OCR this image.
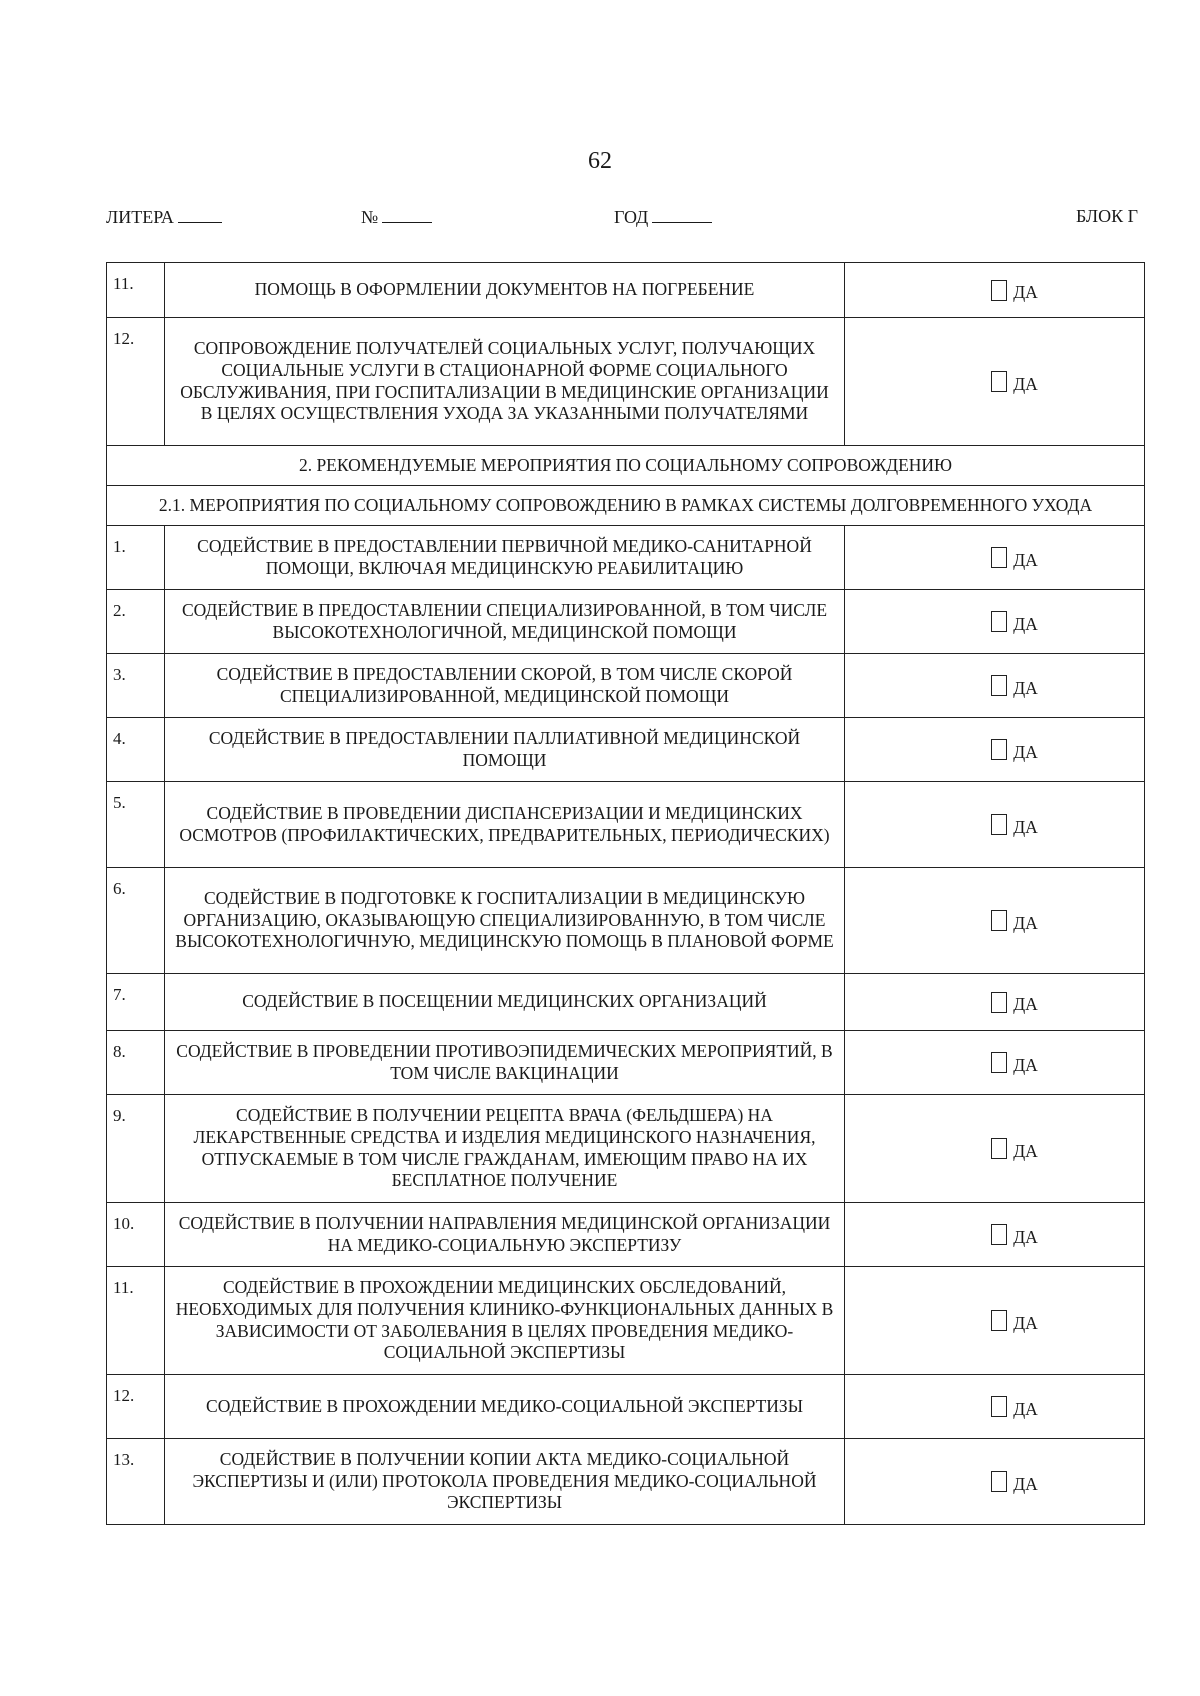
62
ЛИТЕРА	№	ГОД	БЛОК Г
11.	ПОМОЩЬ В ОФОРМЛЕНИИ ДОКУМЕНТОВ НА ПОГРЕБЕНИЕ	ДА

12.	СОПРОВОЖДЕНИЕ ПОЛУЧАТЕЛЕЙ СОЦИАЛЬНЫХ УСЛУГ, ПОЛУЧАЮЩИХ СОЦИАЛЬНЫЕ УСЛУГИ В СТАЦИОНАРНОЙ ФОРМЕ СОЦИАЛЬНОГО ОБСЛУЖИВАНИЯ, ПРИ ГОСПИТАЛИЗАЦИИ В МЕДИЦИНСКИЕ ОРГАНИЗАЦИИ В ЦЕЛЯХ ОСУЩЕСТВЛЕНИЯ УХОДА ЗА УКАЗАННЫМИ ПОЛУЧАТЕЛЯМИ	ДА

2. РЕКОМЕНДУЕМЫЕ МЕРОПРИЯТИЯ ПО СОЦИАЛЬНОМУ СОПРОВОЖДЕНИЮ		
2.1. МЕРОПРИЯТИЯ ПО СОЦИАЛЬНОМУ СОПРОВОЖДЕНИЮ В РАМКАХ СИСТЕМЫ ДОЛГОВРЕМЕННОГО УХОДА		
1.	СОДЕЙСТВИЕ В ПРЕДОСТАВЛЕНИИ ПЕРВИЧНОЙ МЕДИКО-САНИТАРНОЙ ПОМОЩИ, ВКЛЮЧАЯ МЕДИЦИНСКУЮ РЕАБИЛИТАЦИЮ	ДА

2.	СОДЕЙСТВИЕ В ПРЕДОСТАВЛЕНИИ СПЕЦИАЛИЗИРОВАННОЙ, В ТОМ ЧИСЛЕ ВЫСОКОТЕХНОЛОГИЧНОЙ, МЕДИЦИНСКОЙ ПОМОЩИ	ДА

3.	СОДЕЙСТВИЕ В ПРЕДОСТАВЛЕНИИ СКОРОЙ, В ТОМ ЧИСЛЕ СКОРОЙ СПЕЦИАЛИЗИРОВАННОЙ, МЕДИЦИНСКОЙ ПОМОЩИ	ДА

4.	СОДЕЙСТВИЕ В ПРЕДОСТАВЛЕНИИ ПАЛЛИАТИВНОЙ МЕДИЦИНСКОЙ ПОМОЩИ	ДА

5.	СОДЕЙСТВИЕ В ПРОВЕДЕНИИ ДИСПАНСЕРИЗАЦИИ И МЕДИЦИНСКИХ ОСМОТРОВ (ПРОФИЛАКТИЧЕСКИХ, ПРЕДВАРИТЕЛЬНЫХ, ПЕРИОДИЧЕСКИХ)	ДА

6.	СОДЕЙСТВИЕ В ПОДГОТОВКЕ К ГОСПИТАЛИЗАЦИИ В МЕДИЦИНСКУЮ ОРГАНИЗАЦИЮ, ОКАЗЫВАЮЩУЮ СПЕЦИАЛИЗИРОВАННУЮ, В ТОМ ЧИСЛЕ ВЫСОКОТЕХНОЛОГИЧНУЮ, МЕДИЦИНСКУЮ ПОМОЩЬ В ПЛАНОВОЙ ФОРМЕ	ДА

7.	СОДЕЙСТВИЕ В ПОСЕЩЕНИИ МЕДИЦИНСКИХ ОРГАНИЗАЦИЙ	ДА

8.	СОДЕЙСТВИЕ В ПРОВЕДЕНИИ ПРОТИВОЭПИДЕМИЧЕСКИХ МЕРОПРИЯТИЙ, В ТОМ ЧИСЛЕ ВАКЦИНАЦИИ	ДА

9.	СОДЕЙСТВИЕ В ПОЛУЧЕНИИ РЕЦЕПТА ВРАЧА (ФЕЛЬДШЕРА) НА ЛЕКАРСТВЕННЫЕ СРЕДСТВА И ИЗДЕЛИЯ МЕДИЦИНСКОГО НАЗНАЧЕНИЯ, ОТПУСКАЕМЫЕ В ТОМ ЧИСЛЕ ГРАЖДАНАМ, ИМЕЮЩИМ ПРАВО НА ИХ БЕСПЛАТНОЕ ПОЛУЧЕНИЕ	ДА

10.	СОДЕЙСТВИЕ В ПОЛУЧЕНИИ НАПРАВЛЕНИЯ МЕДИЦИНСКОЙ ОРГАНИЗАЦИИ НА МЕДИКО-СОЦИАЛЬНУЮ ЭКСПЕРТИЗУ	ДА

11.	СОДЕЙСТВИЕ В ПРОХОЖДЕНИИ МЕДИЦИНСКИХ ОБСЛЕДОВАНИЙ, НЕОБХОДИМЫХ ДЛЯ ПОЛУЧЕНИЯ КЛИНИКО-ФУНКЦИОНАЛЬНЫХ ДАННЫХ В ЗАВИСИМОСТИ ОТ ЗАБОЛЕВАНИЯ В ЦЕЛЯХ ПРОВЕДЕНИЯ МЕДИКО-СОЦИАЛЬНОЙ ЭКСПЕРТИЗЫ	ДА

12.	СОДЕЙСТВИЕ В ПРОХОЖДЕНИИ МЕДИКО-СОЦИАЛЬНОЙ ЭКСПЕРТИЗЫ	ДА

13.	СОДЕЙСТВИЕ В ПОЛУЧЕНИИ КОПИИ АКТА МЕДИКО-СОЦИАЛЬНОЙ ЭКСПЕРТИЗЫ И (ИЛИ) ПРОТОКОЛА ПРОВЕДЕНИЯ МЕДИКО-СОЦИАЛЬНОЙ ЭКСПЕРТИЗЫ	ДА
